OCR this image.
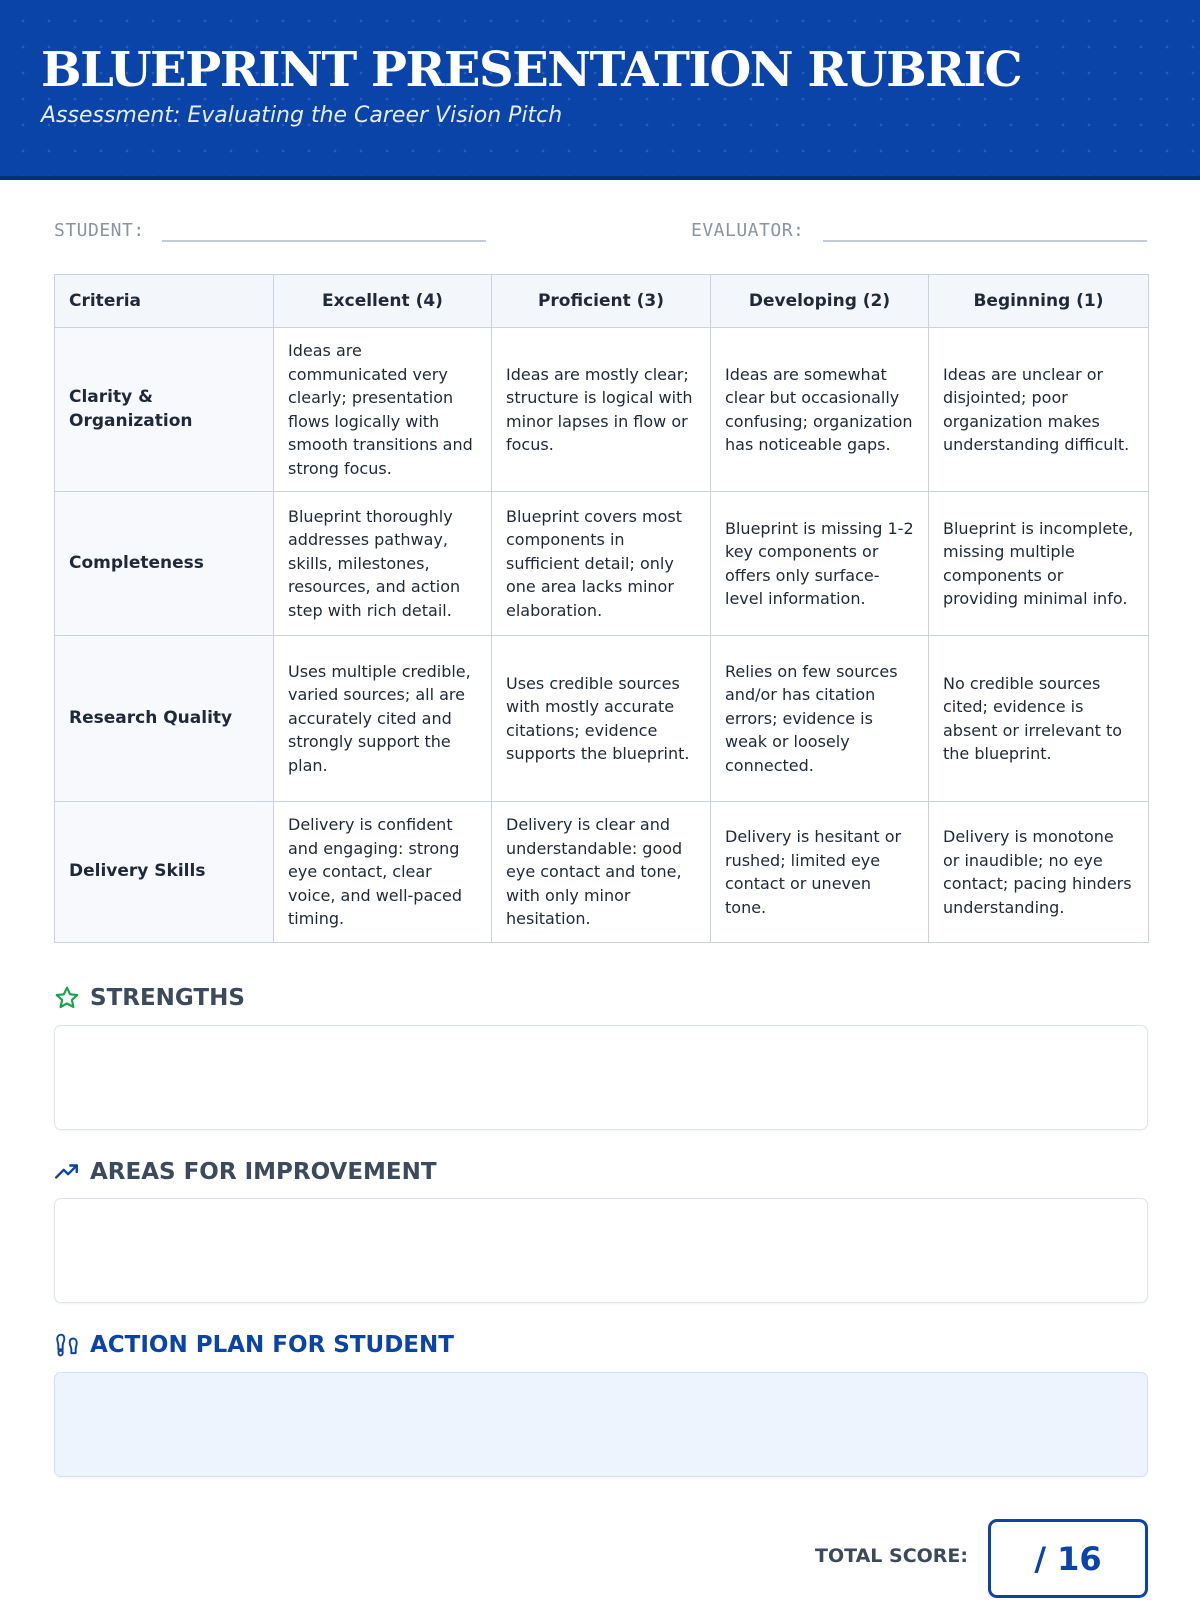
BLUEPRINT PRESENTATION RUBRIC
Assessment: Evaluating the Career Vision Pitch
STUDENT:	EVALUATOR:
Criteria	Excellent (4)	Proficient (3)	Developing (2)	Beginning (1)
Clarity & Organization	Ideas are communicated very clearly; presentation flows logically with smooth transitions and strong focus.	Ideas are mostly clear; structure is logical with minor lapses in flow or focus.	Ideas are somewhat clear but occasionally confusing; organization has noticeable gaps.	Ideas are unclear or disjointed; poor organization makes understanding difficult.
Completeness	Blueprint thoroughly addresses pathway, skills, milestones, resources, and action step with rich detail.	Blueprint covers most components in sufficient detail; only one area lacks minor elaboration.	Blueprint is missing 1-2 key components or offers only surface-level information.	Blueprint is incomplete, missing multiple components or providing minimal info.
Research Quality	Uses multiple credible, varied sources; all are accurately cited and strongly support the plan.	Uses credible sources with mostly accurate citations; evidence supports the blueprint.	Relies on few sources and/or has citation errors; evidence is weak or loosely connected.	No credible sources cited; evidence is absent or irrelevant to the blueprint.
Delivery Skills	Delivery is confident and engaging: strong eye contact, clear voice, and well-paced timing.	Delivery is clear and understandable: good eye contact and tone, with only minor hesitation.	Delivery is hesitant or rushed; limited eye contact or uneven tone.	Delivery is monotone or inaudible; no eye contact; pacing hinders understanding.
STRENGTHS
AREAS FOR IMPROVEMENT
ACTION PLAN FOR STUDENT
TOTAL SCORE: / 16
